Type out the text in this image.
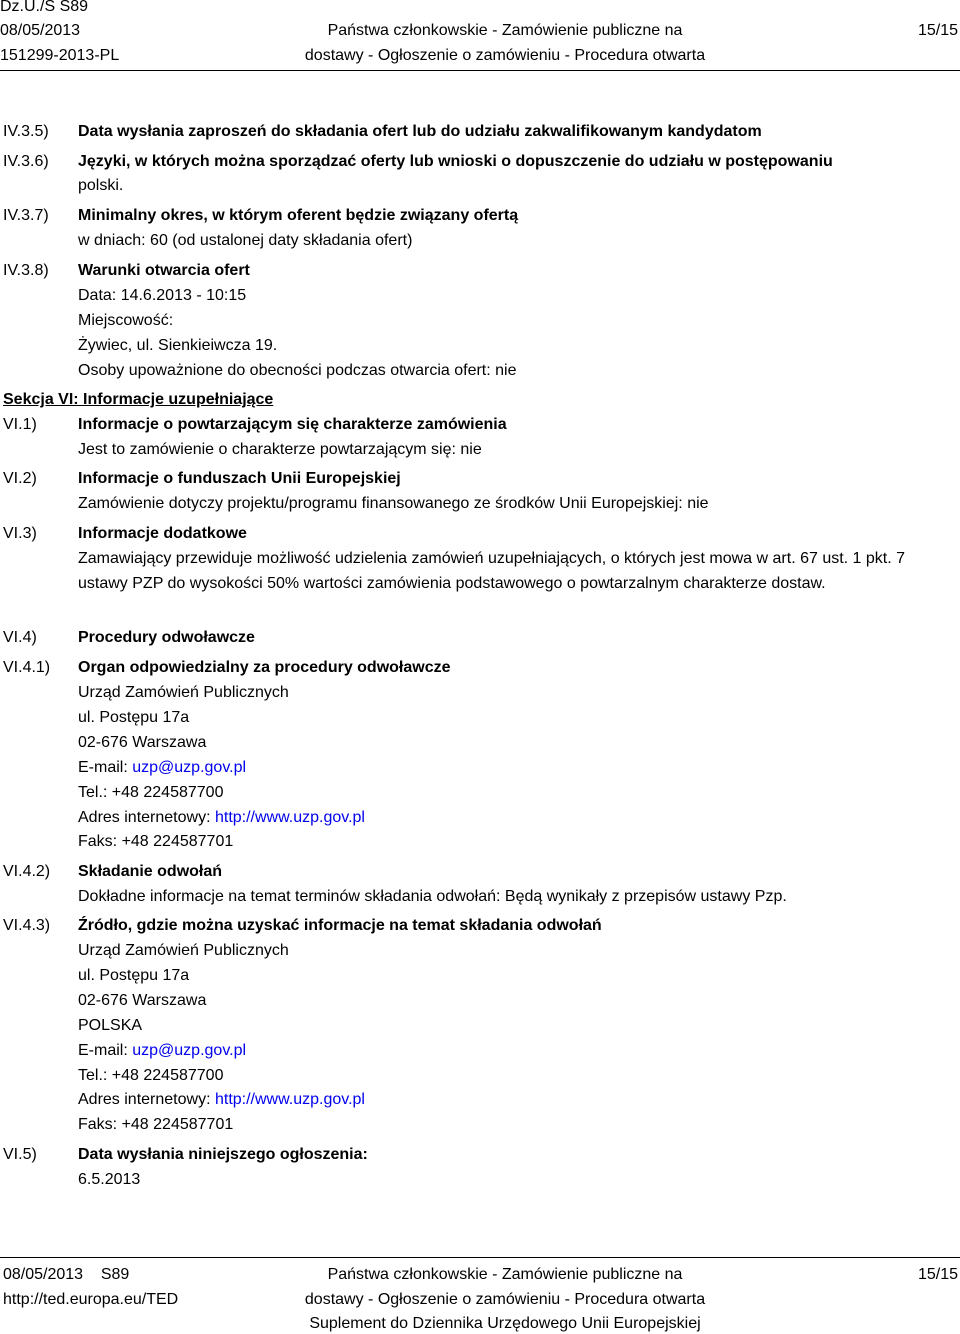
Dz.U./S S89
08/05/2013
151299-2013-PL
Państwa członkowskie - Zamówienie publiczne na
dostawy - Ogłoszenie o zamówieniu - Procedura otwarta
15/15
IV.3.5) Data wysłania zaproszeń do składania ofert lub do udziału zakwalifikowanym kandydatom
IV.3.6) Języki, w których można sporządzać oferty lub wnioski o dopuszczenie do udziału w postępowaniu
polski.
IV.3.7) Minimalny okres, w którym oferent będzie związany ofertą
w dniach: 60 (od ustalonej daty składania ofert)
IV.3.8) Warunki otwarcia ofert
Data: 14.6.2013 - 10:15
Miejscowość:
Żywiec, ul. Sienkieiwcza 19.
Osoby upoważnione do obecności podczas otwarcia ofert: nie
Sekcja VI: Informacje uzupełniające
VI.1)	Informacje o powtarzającym się charakterze zamówienia
Jest to zamówienie o charakterze powtarzającym się: nie
VI.2)	Informacje o funduszach Unii Europejskiej
Zamówienie dotyczy projektu/programu finansowanego ze środków Unii Europejskiej: nie
VI.3)	Informacje dodatkowe
Zamawiający przewiduje możliwość udzielenia zamówień uzupełniających, o których jest mowa w art. 67 ust. 1 pkt. 7 ustawy PZP do wysokości 50% wartości zamówienia podstawowego o powtarzalnym charakterze dostaw.
VI.4)	Procedury odwoławcze
VI.4.1) Organ odpowiedzialny za procedury odwoławcze
Urząd Zamówień Publicznych
ul. Postępu 17a
02-676 Warszawa
E-mail: uzp@uzp.gov.pl
Tel.: +48 224587700
Adres internetowy: http://www.uzp.gov.pl
Faks: +48 224587701
VI.4.2) Składanie odwołań
Dokładne informacje na temat terminów składania odwołań: Będą wynikały z przepisów ustawy Pzp.
VI.4.3) Źródło, gdzie można uzyskać informacje na temat składania odwołań
Urząd Zamówień Publicznych
ul. Postępu 17a
02-676 Warszawa
POLSKA
E-mail: uzp@uzp.gov.pl
Tel.: +48 224587700
Adres internetowy: http://www.uzp.gov.pl
Faks: +48 224587701
VI.5)	Data wysłania niniejszego ogłoszenia:
6.5.2013
08/05/2013 S89
http://ted.europa.eu/TED
Państwa członkowskie - Zamówienie publiczne na
dostawy - Ogłoszenie o zamówieniu - Procedura otwarta
Suplement do Dziennika Urzędowego Unii Europejskiej
15/15
